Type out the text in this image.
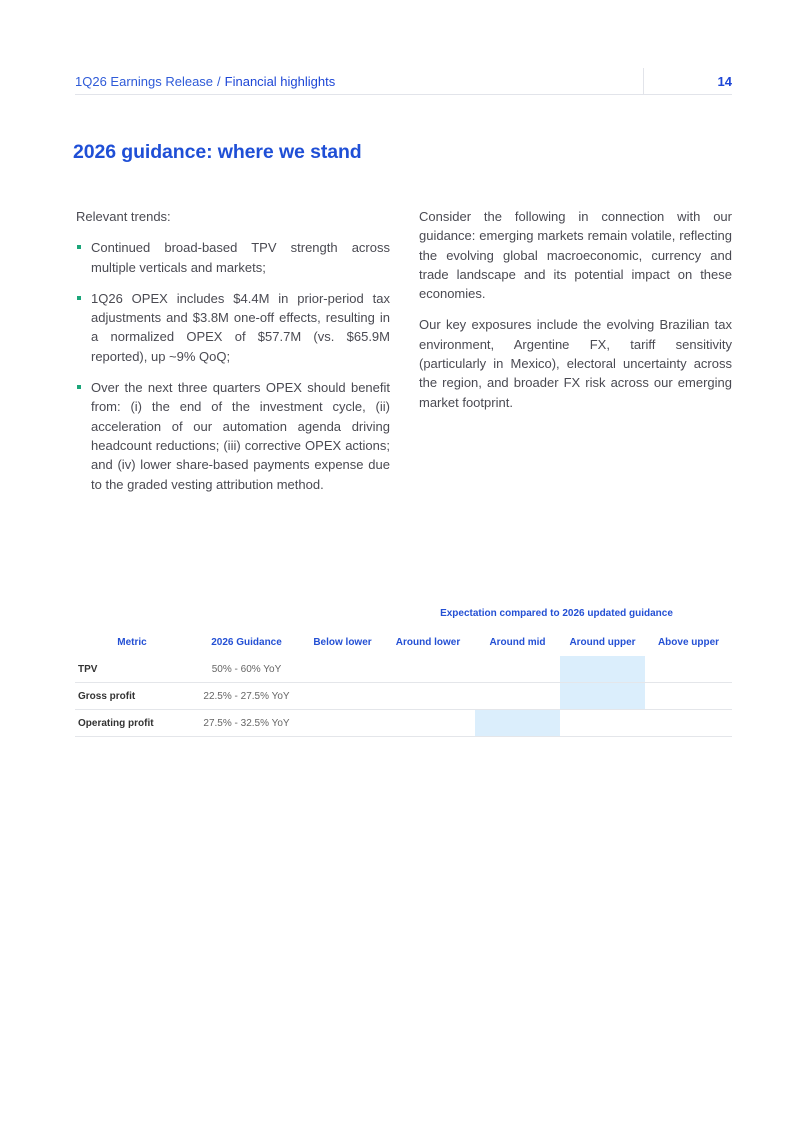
1Q26 Earnings Release / Financial highlights	14
2026 guidance: where we stand

Relevant trends:

Continued broad-based TPV strength across multiple verticals and markets;
1Q26 OPEX includes $4.4M in prior-period tax adjustments and $3.8M one-off effects, resulting in a normalized OPEX of $57.7M (vs. $65.9M reported), up ~9% QoQ;
Over the next three quarters OPEX should benefit from: (i) the end of the investment cycle, (ii) acceleration of our automation agenda driving headcount reductions; (iii) corrective OPEX actions; and (iv) lower share-based payments expense due to the graded vesting attribution method.

Consider the following in connection with our guidance: emerging markets remain volatile, reflecting the evolving global macroeconomic, currency and trade landscape and its potential impact on these economies.

Our key exposures include the evolving Brazilian tax environment, Argentine FX, tariff sensitivity (particularly in Mexico), electoral uncertainty across the region, and broader FX risk across our emerging market footprint.

Expectation compared to 2026 updated guidance
Metric	2026 Guidance	Below lower	Around lower	Around mid	Around upper	Above upper
TPV	50% - 60% YoY					
Gross profit	22.5% - 27.5% YoY					
Operating profit	27.5% - 32.5% YoY					
